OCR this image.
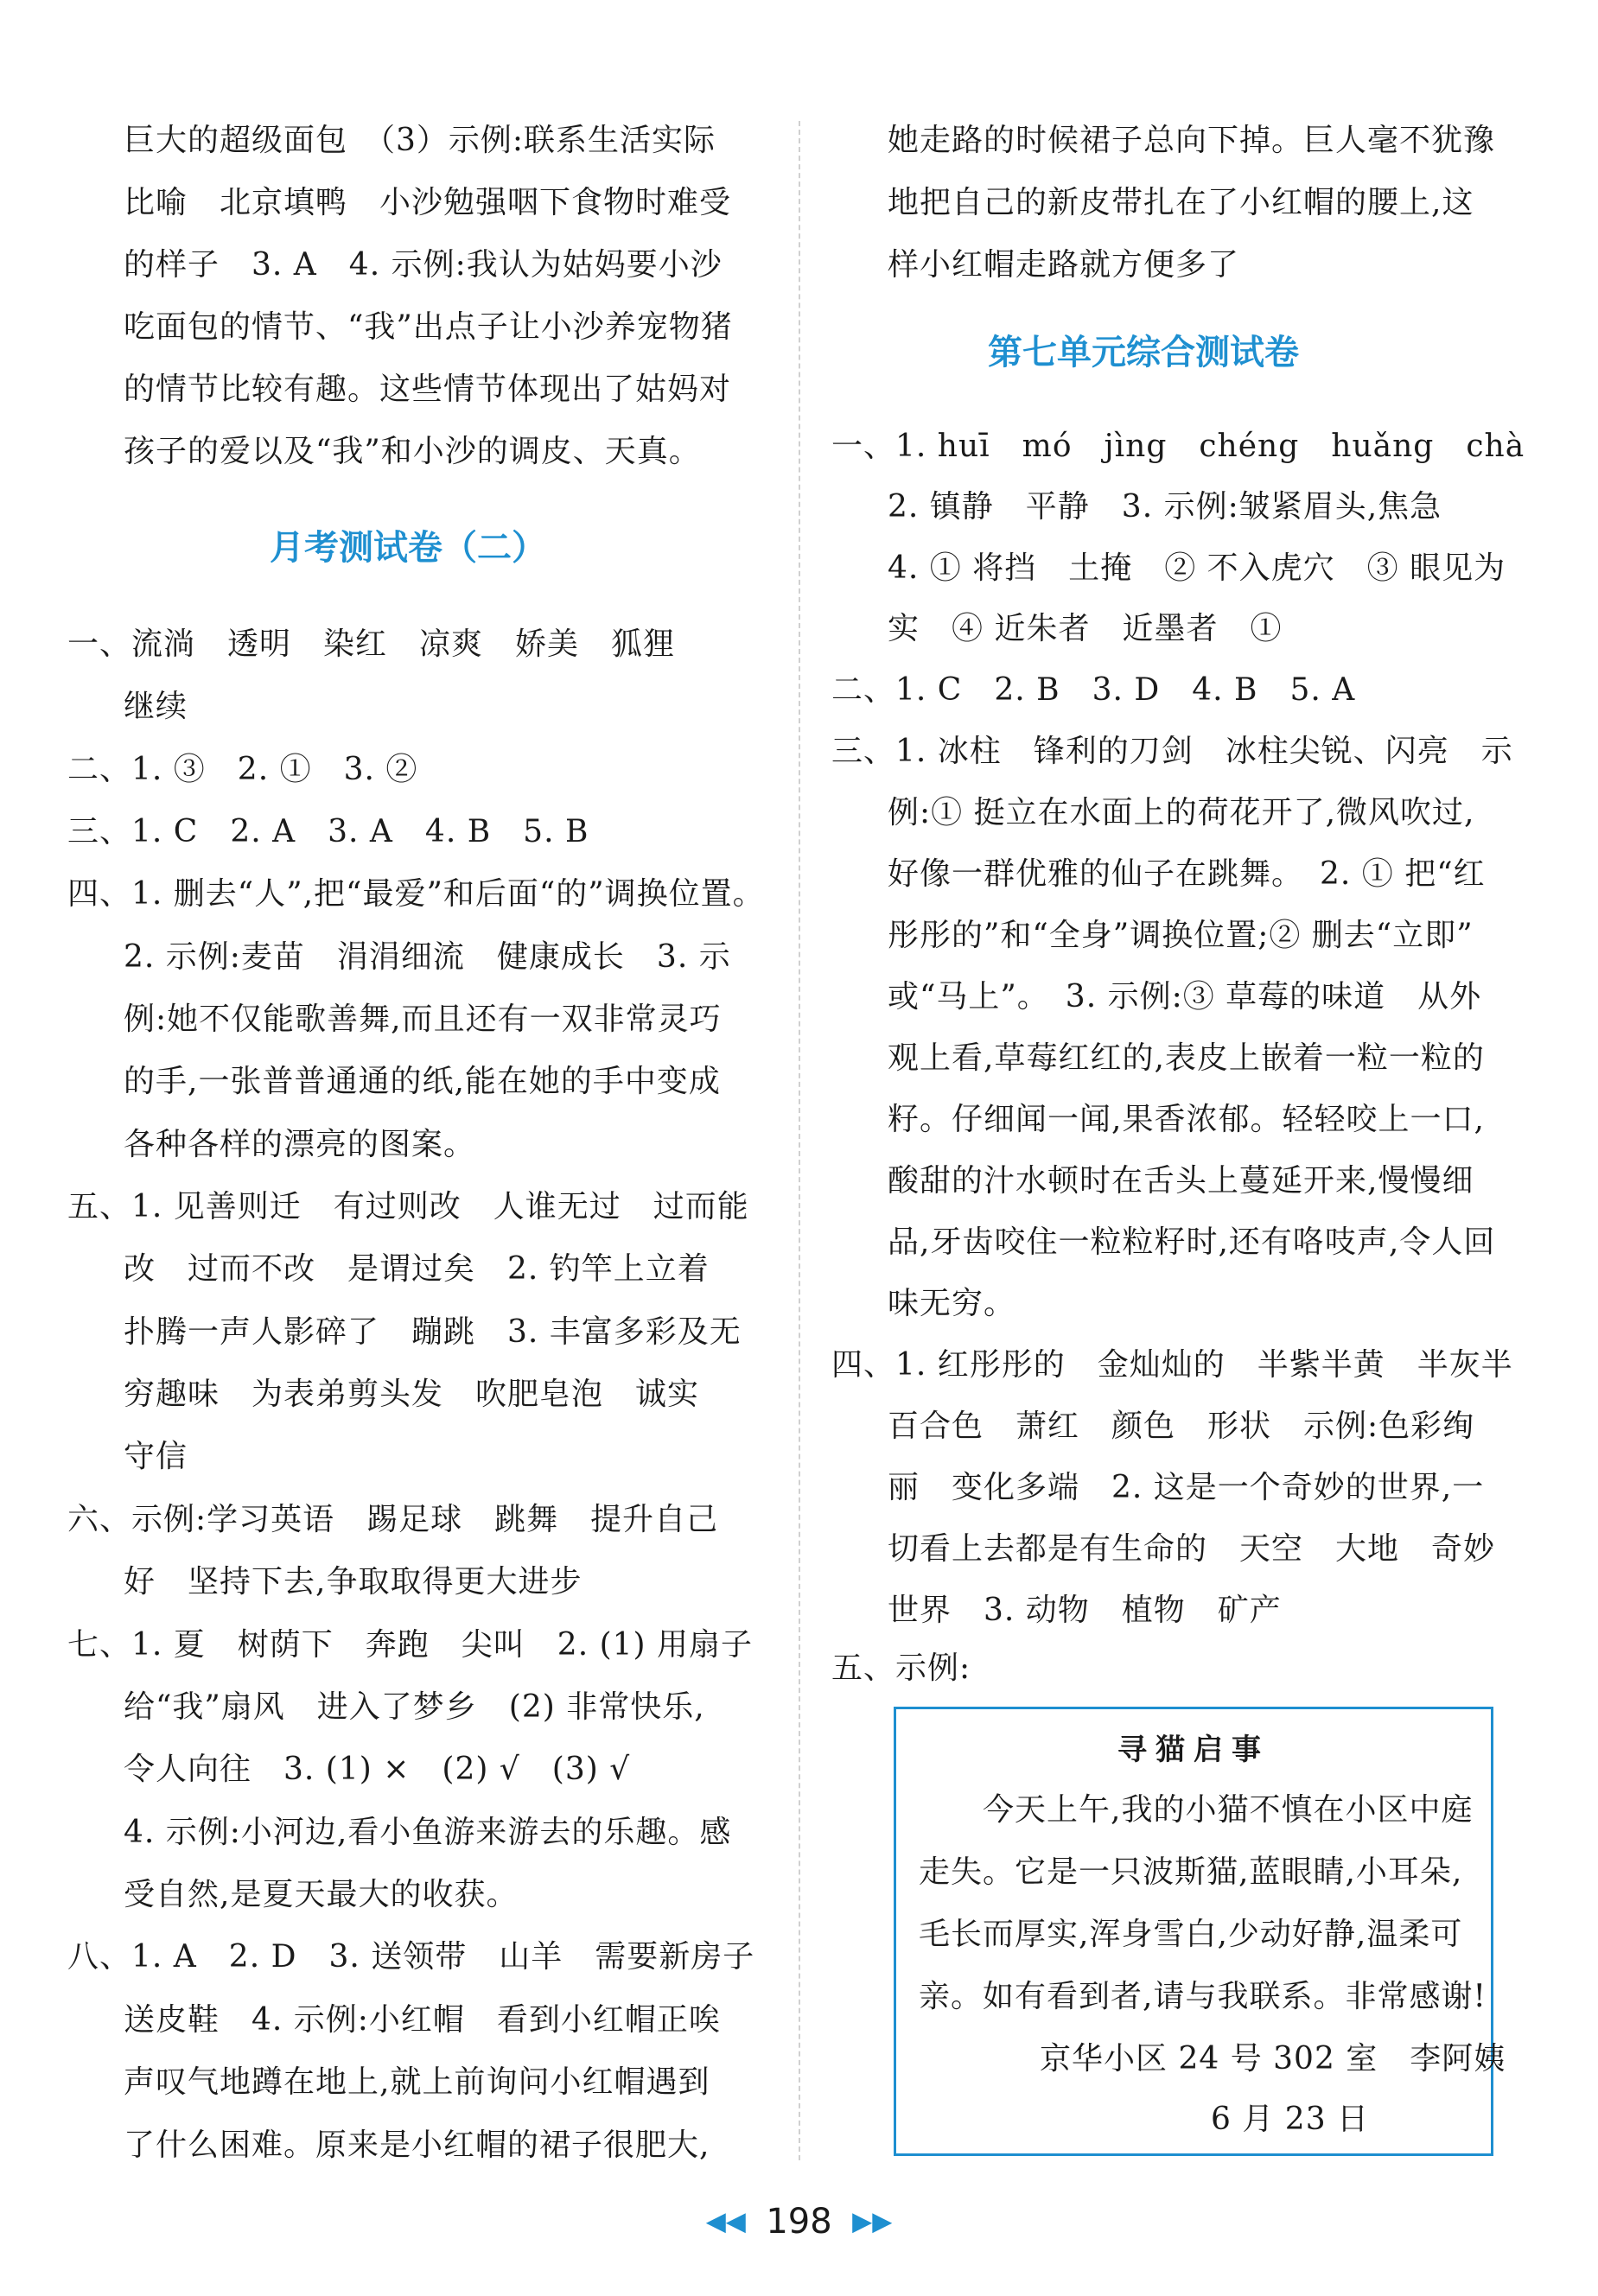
巨大的超级面包　（3）示例:联系生活实际
比喻　北京填鸭　小沙勉强咽下食物时难受
的样子　3. A　4. 示例:我认为姑妈要小沙
吃面包的情节、“我”出点子让小沙养宠物猪
的情节比较有趣。这些情节体现出了姑妈对
孩子的爱以及“我”和小沙的调皮、天真。
月考测试卷（二）
一、流淌　透明　染红　凉爽　娇美　狐狸
继续
二、1. ③　2. ①　3. ②
三、1. C　2. A　3. A　4. B　5. B
四、1. 删去“人”,把“最爱”和后面“的”调换位置。
2. 示例:麦苗　涓涓细流　健康成长　3. 示
例:她不仅能歌善舞,而且还有一双非常灵巧
的手,一张普普通通的纸,能在她的手中变成
各种各样的漂亮的图案。
五、1. 见善则迁　有过则改　人谁无过　过而能
改　过而不改　是谓过矣　2. 钓竿上立着
扑腾一声人影碎了　蹦跳　3. 丰富多彩及无
穷趣味　为表弟剪头发　吹肥皂泡　诚实
守信
六、示例:学习英语　踢足球　跳舞　提升自己
好　坚持下去,争取取得更大进步
七、1. 夏　树荫下　奔跑　尖叫　2. (1) 用扇子
给“我”扇风　进入了梦乡　(2) 非常快乐,
令人向往　3. (1) ×　(2) √　(3) √
4. 示例:小河边,看小鱼游来游去的乐趣。感
受自然,是夏天最大的收获。
八、1. A　2. D　3. 送领带　山羊　需要新房子
送皮鞋　4. 示例:小红帽　看到小红帽正唉
声叹气地蹲在地上,就上前询问小红帽遇到
了什么困难。原来是小红帽的裙子很肥大,
她走路的时候裙子总向下掉。巨人毫不犹豫
地把自己的新皮带扎在了小红帽的腰上,这
样小红帽走路就方便多了
第七单元综合测试卷
一、1. huī　mó　jìng　chéng　huǎng　chà
2. 镇静　平静　3. 示例:皱紧眉头,焦急
4. ① 将挡　土掩　② 不入虎穴　③ 眼见为
实　④ 近朱者　近墨者　①
二、1. C　2. B　3. D　4. B　5. A
三、1. 冰柱　锋利的刀剑　冰柱尖锐、闪亮　示
例:① 挺立在水面上的荷花开了,微风吹过,
好像一群优雅的仙子在跳舞。　2. ① 把“红
彤彤的”和“全身”调换位置;② 删去“立即”
或“马上”。　3. 示例:③ 草莓的味道　从外
观上看,草莓红红的,表皮上嵌着一粒一粒的
籽。仔细闻一闻,果香浓郁。轻轻咬上一口,
酸甜的汁水顿时在舌头上蔓延开来,慢慢细
品,牙齿咬住一粒粒籽时,还有咯吱声,令人回
味无穷。
四、1. 红彤彤的　金灿灿的　半紫半黄　半灰半
百合色　萧红　颜色　形状　示例:色彩绚
丽　变化多端　2. 这是一个奇妙的世界,一
切看上去都是有生命的　天空　大地　奇妙
世界　3. 动物　植物　矿产
五、示例:
寻猫启事
今天上午,我的小猫不慎在小区中庭
走失。它是一只波斯猫,蓝眼睛,小耳朵,
毛长而厚实,浑身雪白,少动好静,温柔可
亲。如有看到者,请与我联系。非常感谢!
京华小区 24 号 302 室　李阿姨
6 月 23 日
◀◀ 198 ▶▶
